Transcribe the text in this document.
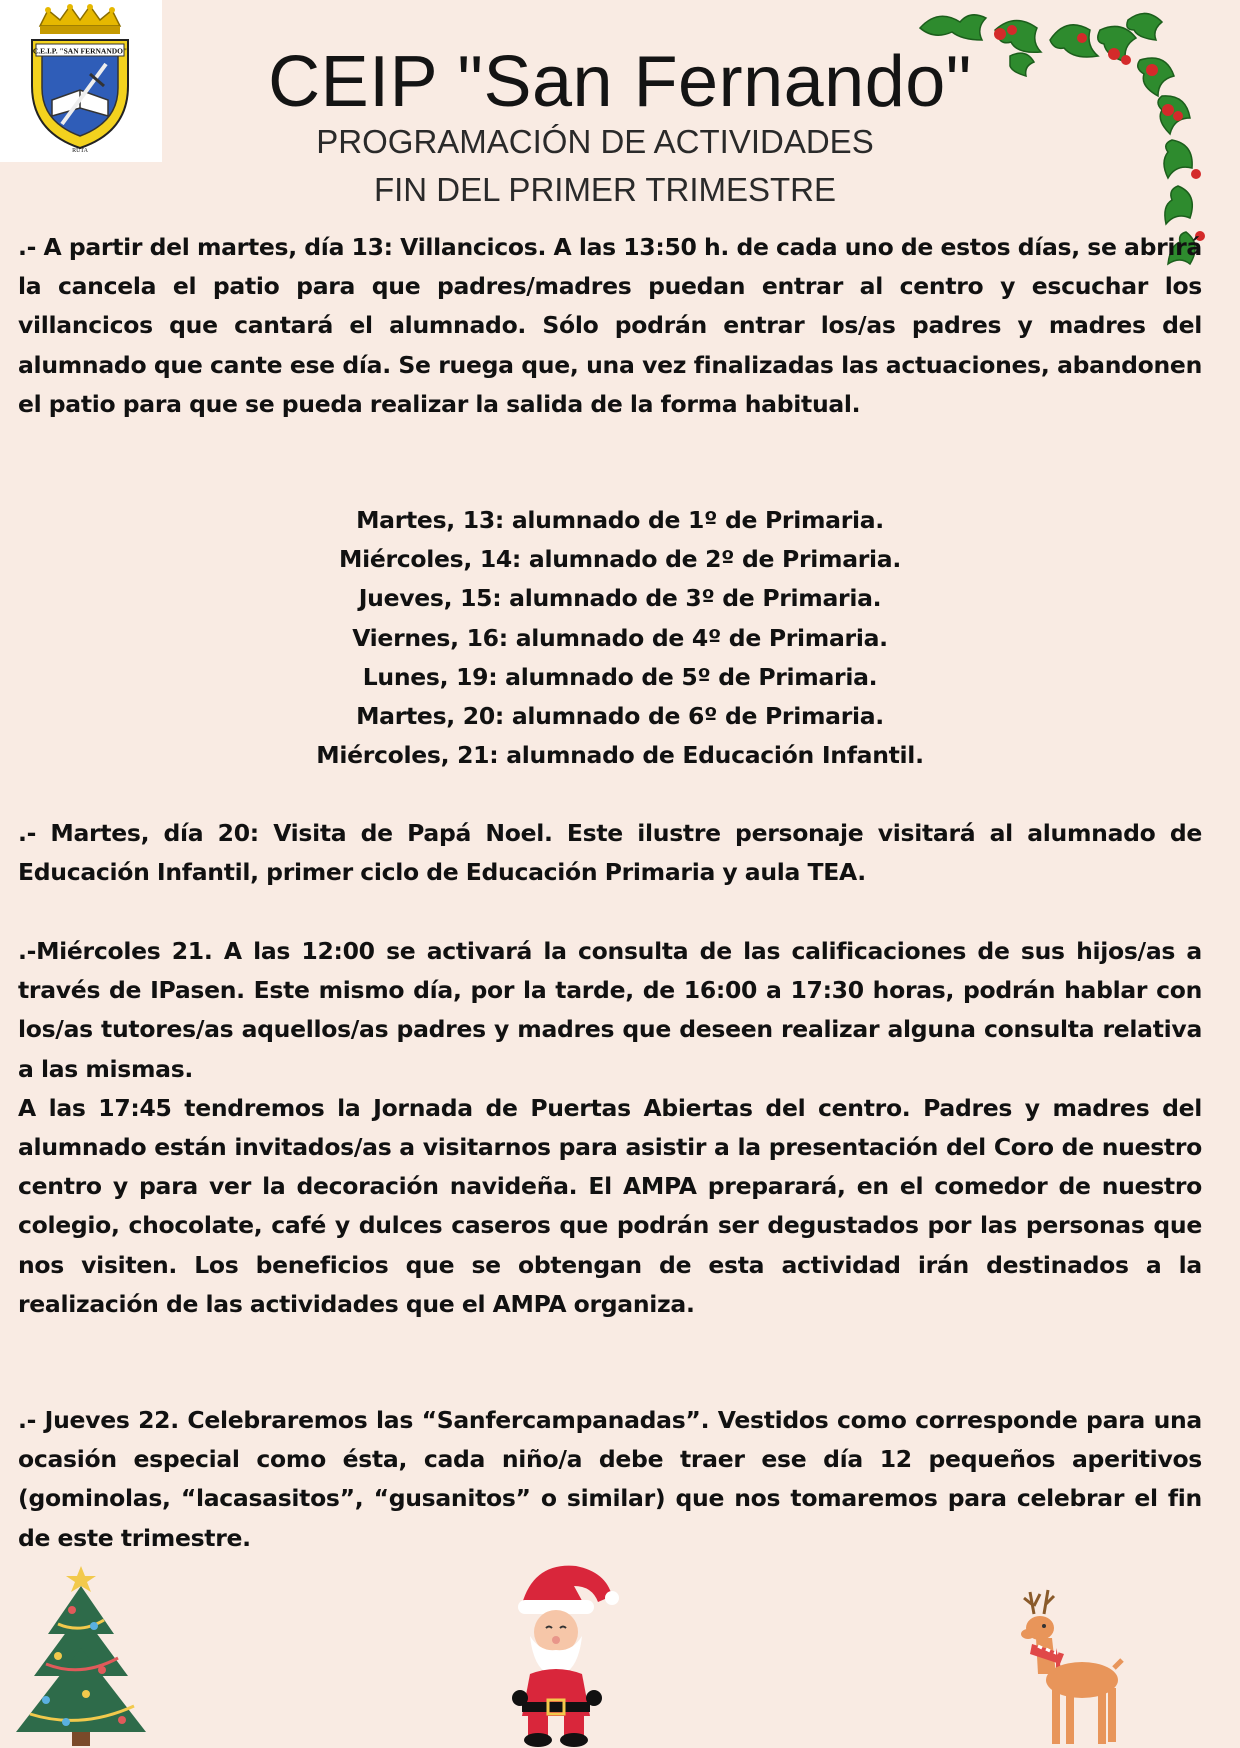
C.E.I.P. "SAN FERNANDO"
RUTA
CEIP "San Fernando"
PROGRAMACIÓN DE ACTIVIDADES
FIN DEL PRIMER TRIMESTRE
.- A partir del martes, día 13: Villancicos. A las 13:50 h. de cada uno de estos días, se abrirá la cancela el patio para que padres/madres puedan entrar al centro y escuchar los villancicos que cantará el alumnado. Sólo podrán entrar los/as padres y madres del alumnado que cante ese día. Se ruega que, una vez finalizadas las actuaciones, abandonen el patio para que se pueda realizar la salida de la forma habitual.
Martes, 13: alumnado de 1º de Primaria.
Miércoles, 14: alumnado de 2º de Primaria.
Jueves, 15: alumnado de 3º de Primaria.
Viernes, 16: alumnado de 4º de Primaria.
Lunes, 19: alumnado de 5º de Primaria.
Martes, 20: alumnado de 6º de Primaria.
Miércoles, 21: alumnado de Educación Infantil.
.- Martes, día 20: Visita de Papá Noel. Este ilustre personaje visitará al alumnado de Educación Infantil, primer ciclo de Educación Primaria y aula TEA.
.-Miércoles 21. A las 12:00 se activará la consulta de las calificaciones de sus hijos/as a través de IPasen. Este mismo día, por la tarde, de 16:00 a 17:30 horas, podrán hablar con los/as tutores/as aquellos/as padres y madres que deseen realizar alguna consulta relativa a las mismas.
A las 17:45 tendremos la Jornada de Puertas Abiertas del centro. Padres y madres del alumnado están invitados/as a visitarnos para asistir a la presentación del Coro de nuestro centro y para ver la decoración navideña. El AMPA preparará, en el comedor de nuestro colegio, chocolate, café y dulces caseros que podrán ser degustados por las personas que nos visiten. Los beneficios que se obtengan de esta actividad irán destinados a la realización de las actividades que el AMPA organiza.
.- Jueves 22. Celebraremos las “Sanfercampanadas”. Vestidos como corresponde para una ocasión especial como ésta, cada niño/a debe traer ese día 12 pequeños aperitivos (gominolas, “lacasasitos”, “gusanitos” o similar) que nos tomaremos para celebrar el fin de este trimestre.
